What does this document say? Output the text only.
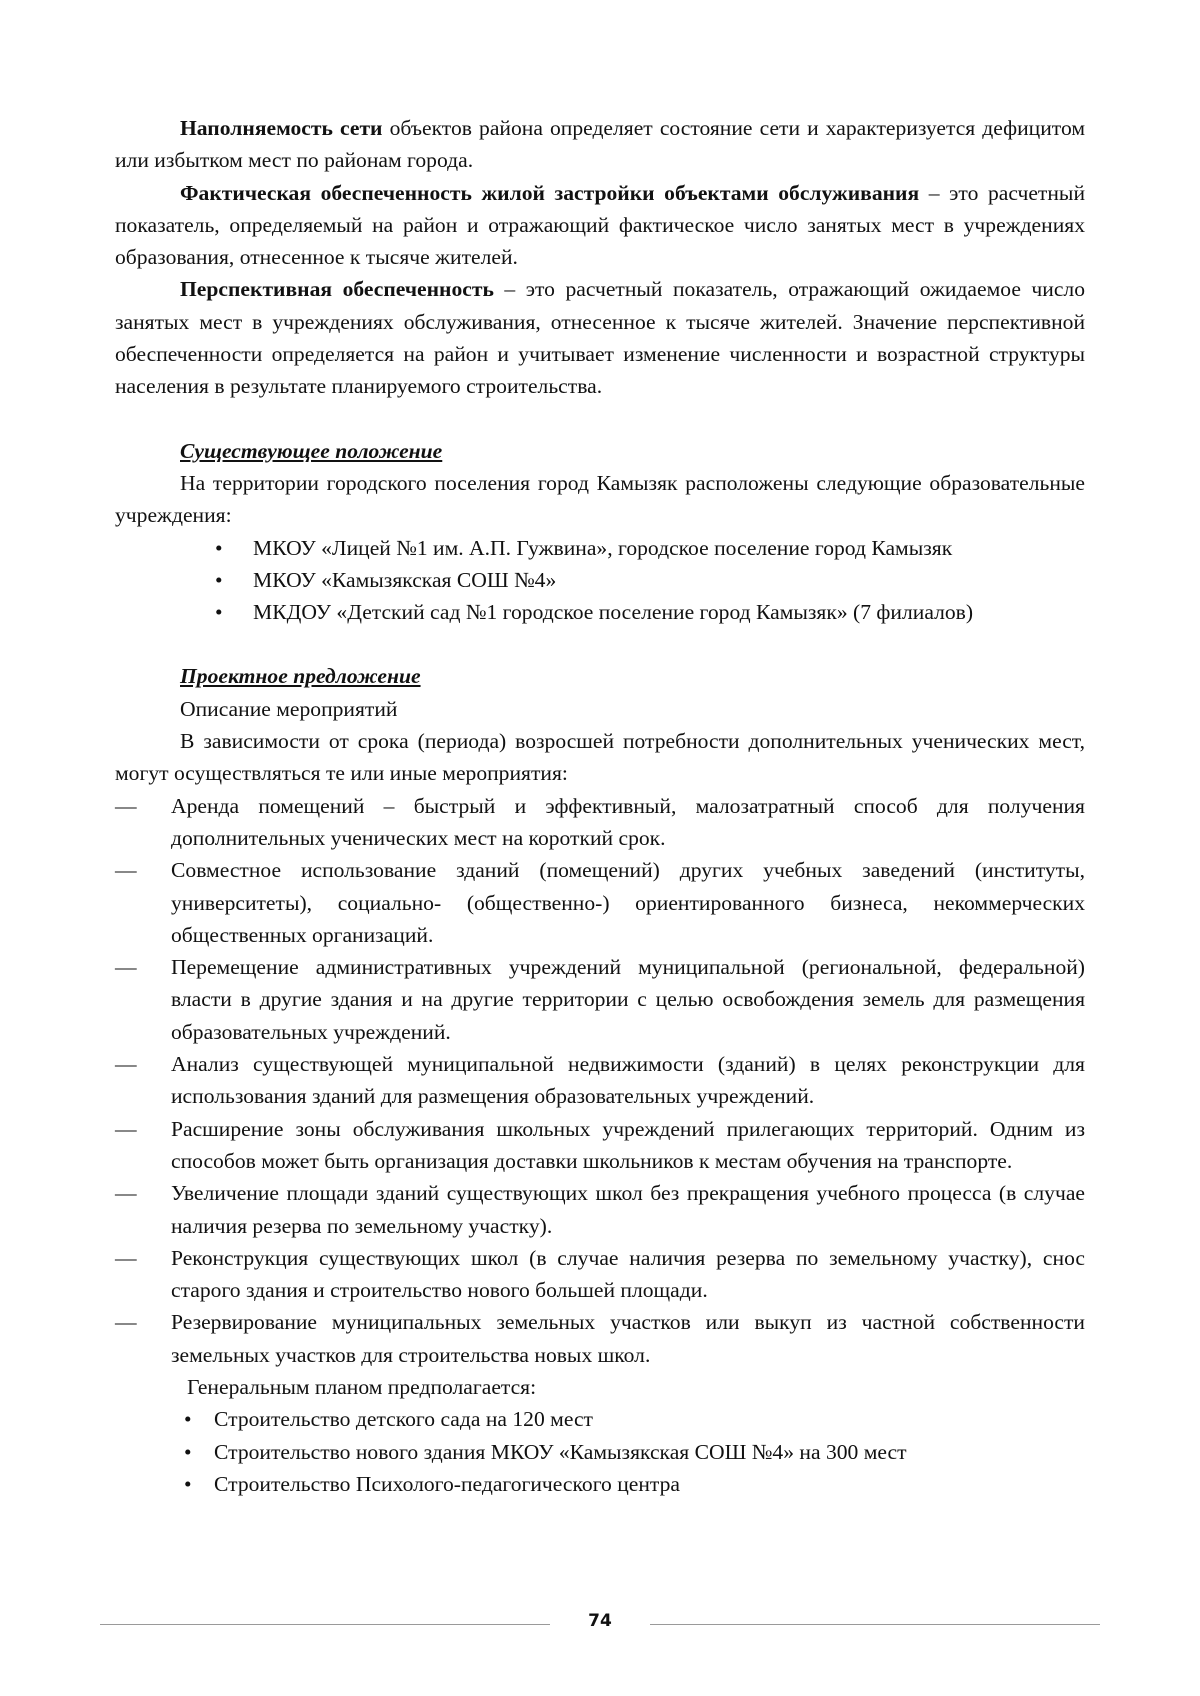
Наполняемость сети объектов района определяет состояние сети и характеризуется дефицитом или избытком мест по районам города.

Фактическая обеспеченность жилой застройки объектами обслуживания – это расчетный показатель, определяемый на район и отражающий фактическое число занятых мест в учреждениях образования, отнесенное к тысяче жителей.

Перспективная обеспеченность – это расчетный показатель, отражающий ожидаемое число занятых мест в учреждениях обслуживания, отнесенное к тысяче жителей. Значение перспективной обеспеченности определяется на район и учитывает изменение численности и возрастной структуры населения в результате планируемого строительства.

Существующее положение

На территории городского поселения город Камызяк расположены следующие образовательные учреждения:

• МКОУ «Лицей №1 им. А.П. Гужвина», городское поселение город Камызяк
• МКОУ «Камызякская СОШ №4»
• МКДОУ «Детский сад №1 городское поселение город Камызяк» (7 филиалов)

Проектное предложение

Описание мероприятий

В зависимости от срока (периода) возросшей потребности дополнительных ученических мест, могут осуществляться те или иные мероприятия:

— Аренда помещений – быстрый и эффективный, малозатратный способ для получения дополнительных ученических мест на короткий срок.
— Совместное использование зданий (помещений) других учебных заведений (институты, университеты), социально- (общественно-) ориентированного бизнеса, некоммерческих общественных организаций.
— Перемещение административных учреждений муниципальной (региональной, федеральной) власти в другие здания и на другие территории с целью освобождения земель для размещения образовательных учреждений.
— Анализ существующей муниципальной недвижимости (зданий) в целях реконструкции для использования зданий для размещения образовательных учреждений.
— Расширение зоны обслуживания школьных учреждений прилегающих территорий. Одним из способов может быть организация доставки школьников к местам обучения на транспорте.
— Увеличение площади зданий существующих школ без прекращения учебного процесса (в случае наличия резерва по земельному участку).
— Реконструкция существующих школ (в случае наличия резерва по земельному участку), снос старого здания и строительство нового большей площади.
— Резервирование муниципальных земельных участков или выкуп из частной собственности земельных участков для строительства новых школ.

Генеральным планом предполагается:

• Строительство детского сада на 120 мест
• Строительство нового здания МКОУ «Камызякская СОШ №4» на 300 мест
• Строительство Психолого-педагогического центра
74
